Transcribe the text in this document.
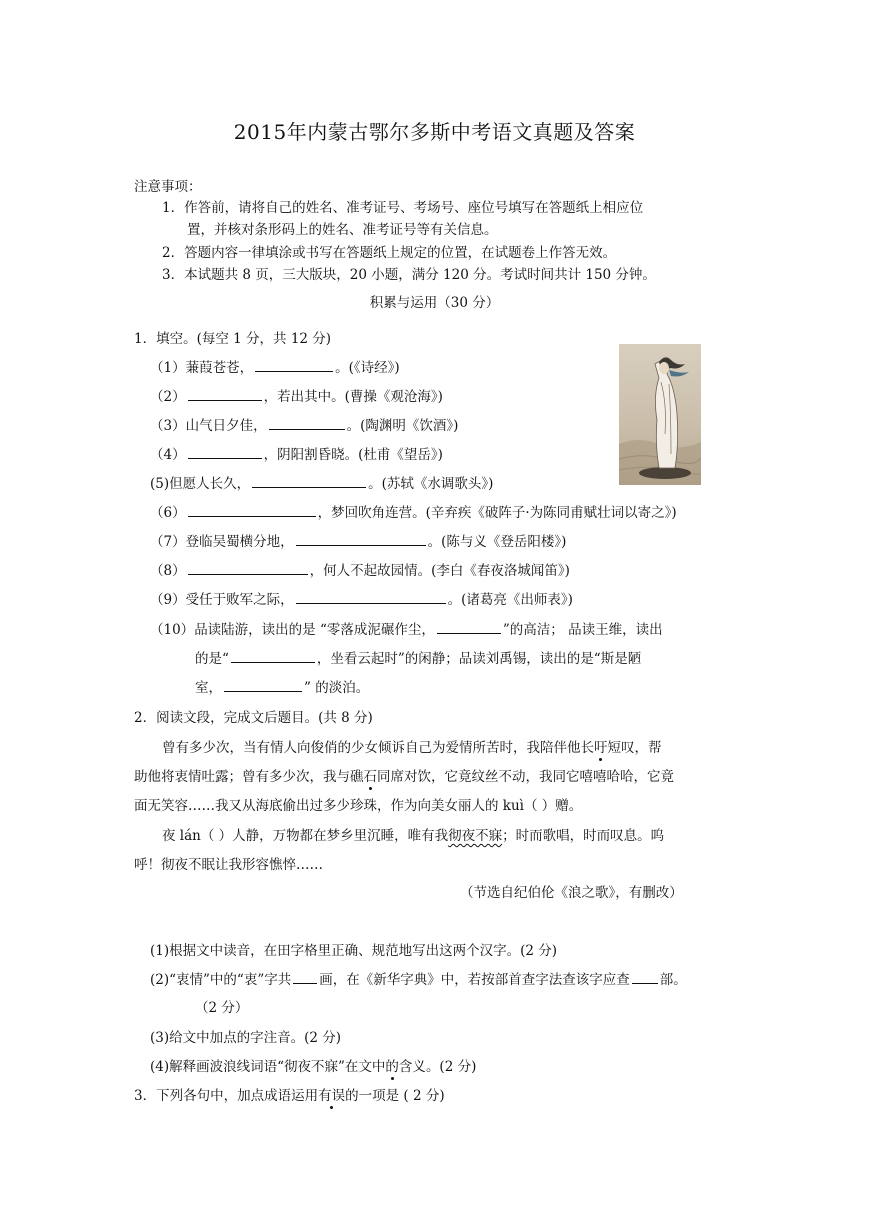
2015年内蒙古鄂尔多斯中考语文真题及答案
注意事项：
1．作答前，请将自己的姓名、准考证号、考场号、座位号填写在答题纸上相应位
置，并核对条形码上的姓名、准考证号等有关信息。
2．答题内容一律填涂或书写在答题纸上规定的位置，在试题卷上作答无效。
3．本试题共 8 页，三大版块，20 小题，满分 120 分。考试时间共计 150 分钟。
积累与运用（30 分）
1．填空。(每空 1 分，共 12 分)
（1）蒹葭苍苍，	。(《诗经》)
（2）	，若出其中。(曹操《观沧海》)
（3）山气日夕佳，	。(陶渊明《饮酒》)
（4）	，阴阳割昏晓。(杜甫《望岳》)
(5)但愿人长久，	。(苏轼《水调歌头》)
（6）	，梦回吹角连营。(辛弃疾《破阵子·为陈同甫赋壮词以寄之》)
（7）登临吴蜀横分地，	。(陈与义《登岳阳楼》)
（8）	，何人不起故园情。(李白《春夜洛城闻笛》)
（9）受任于败军之际，	。(诸葛亮《出师表》)
（10）品读陆游，读出的是 “零落成泥碾作尘，	”的高洁； 品读王维，读出
的是“	，坐看云起时”的闲静；品读刘禹锡，读出的是“斯是陋
室，	” 的淡泊。
2．阅读文段，完成文后题目。(共 8 分)
曾有多少次，当有情人向俊俏的少女倾诉自己为爱情所苦时，我陪伴他长吁短叹，帮
助他将衷情吐露；曾有多少次，我与礁石同席对饮，它竟纹丝不动，我同它嘻嘻哈哈，它竟
面无笑容……我又从海底偷出过多少珍珠，作为向美女丽人的 kuì（ ）赠。
夜 lán（ ）人静，万物都在梦乡里沉睡，唯有我彻夜不寐；时而歌唱，时而叹息。呜
呼！彻夜不眠让我形容憔悴……
（节选自纪伯伦《浪之歌》，有删改）
(1)根据文中读音，在田字格里正确、规范地写出这两个汉字。(2 分)
(2)“衷情”中的“衷”字共 画，在《新华字典》中，若按部首查字法查该字应查 部。
（2 分）
(3)给文中加点的字注音。(2 分)
(4)解释画波浪线词语“彻夜不寐”在文中的含义。(2 分)
3．下列各句中，加点成语运用有误的一项是 ( 2 分)
